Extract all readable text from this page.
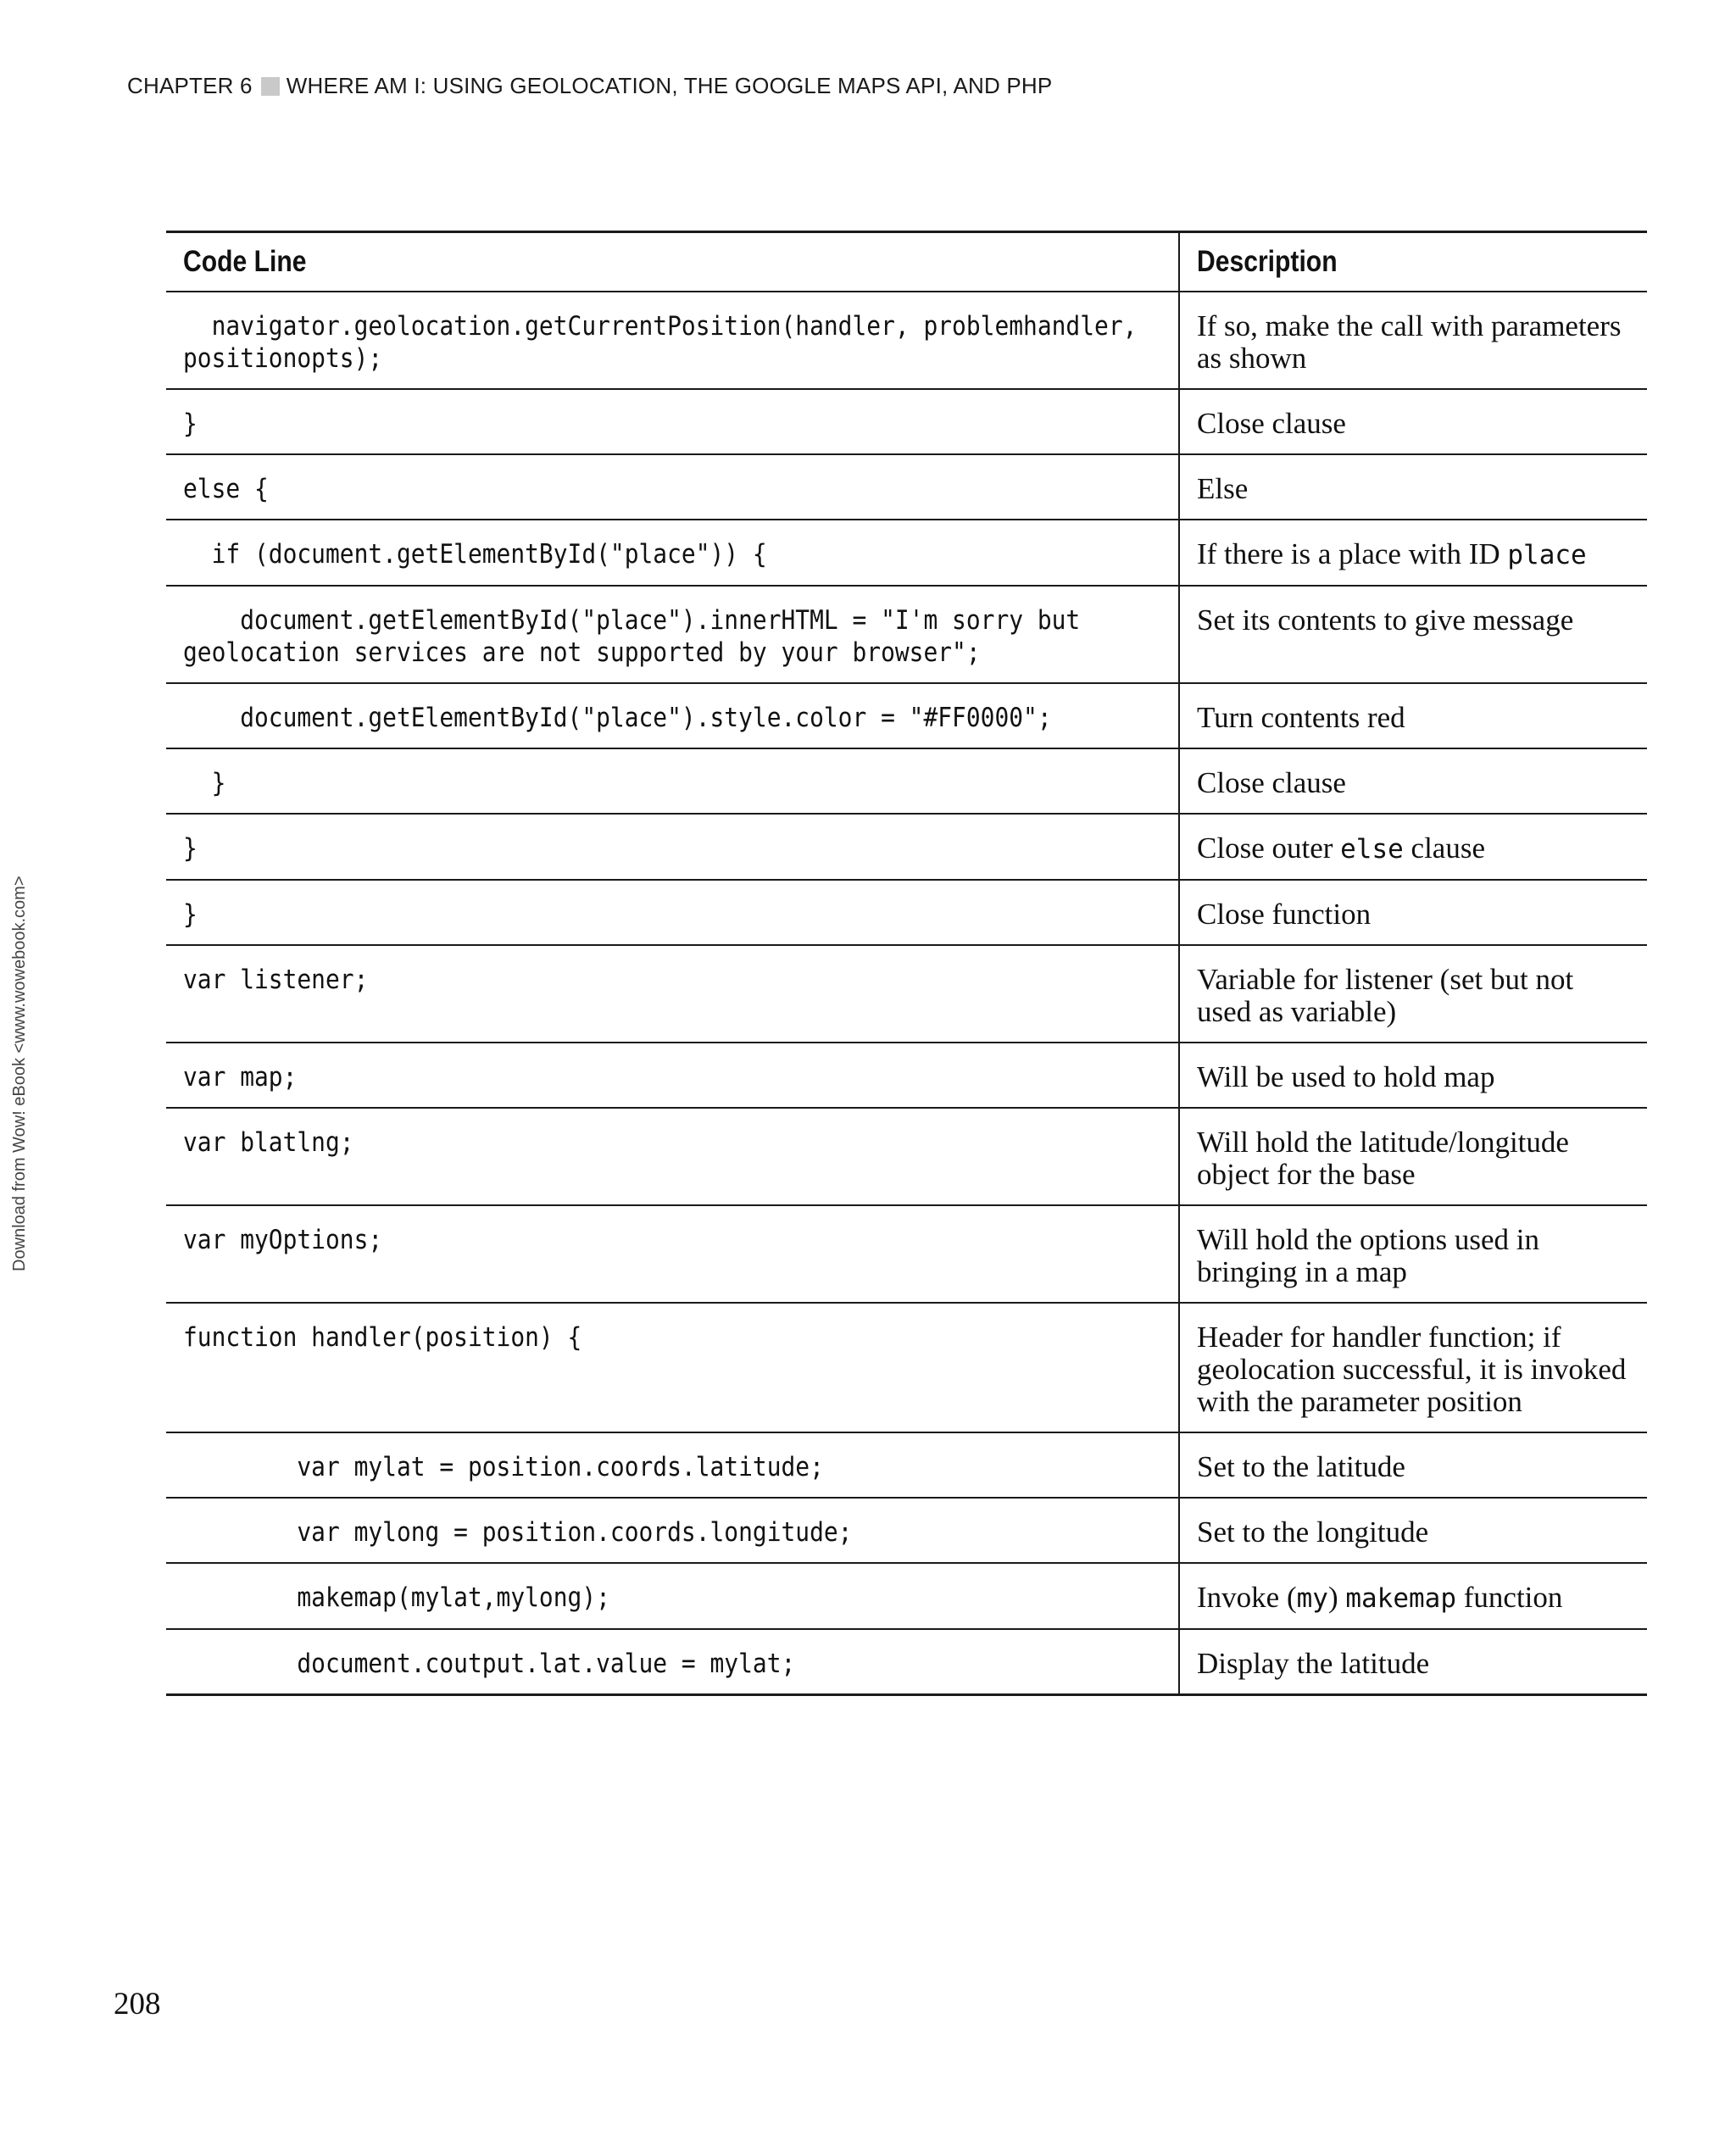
CHAPTER 6 WHERE AM I: USING GEOLOCATION, THE GOOGLE MAPS API, AND PHP
Download from Wow! eBook <www.wowebook.com>
Code Line	Description

navigator.geolocation.getCurrentPosition(handler, problemhandler, positionopts);	If so, make the call with parameters as shown

}	Close clause

else {	Else

if (document.getElementById("place")) {	If there is a place with ID place

document.getElementById("place").innerHTML = "I'm sorry but geolocation services are not supported by your browser";	Set its contents to give message

document.getElementById("place").style.color = "#FF0000";	Turn contents red

}	Close clause

}	Close outer else clause

}	Close function

var listener;	Variable for listener (set but not used as variable)

var map;	Will be used to hold map

var blatlng;	Will hold the latitude/longitude object for the base

var myOptions;	Will hold the options used in bringing in a map

function handler(position) {	Header for handler function; if geolocation successful, it is invoked with the parameter position

var mylat = position.coords.latitude;	Set to the latitude

var mylong = position.coords.longitude;	Set to the longitude

makemap(mylat,mylong);	Invoke (my) makemap function

document.coutput.lat.value = mylat;	Display the latitude
208
